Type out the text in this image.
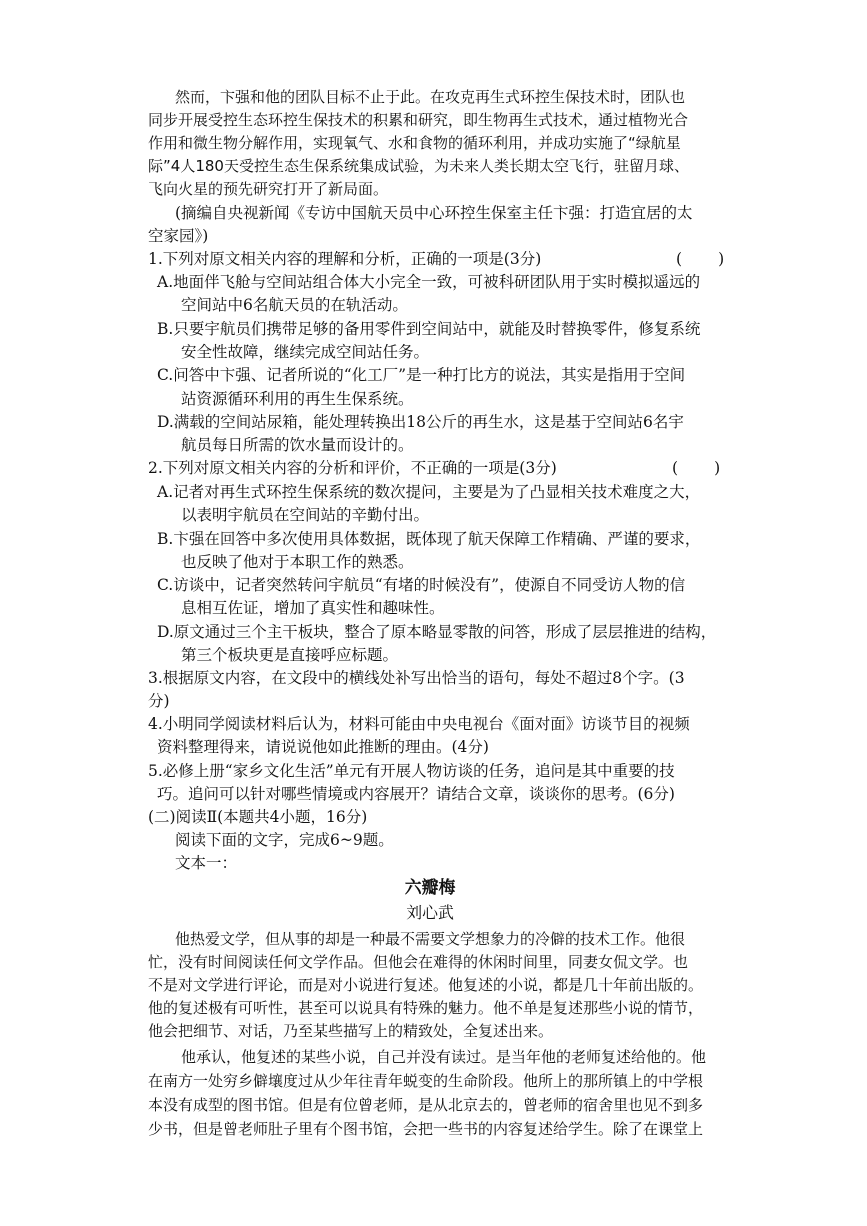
然而，卞强和他的团队目标不止于此。在攻克再生式环控生保技术时，团队也
同步开展受控生态环控生保技术的积累和研究，即生物再生式技术，通过植物光合
作用和微生物分解作用，实现氧气、水和食物的循环利用，并成功实施了“绿航星
际”4人180天受控生态生保系统集成试验，为未来人类长期太空飞行，驻留月球、
飞向火星的预先研究打开了新局面。
(摘编自央视新闻《专访中国航天员中心环控生保室主任卞强：打造宜居的太
空家园》)
1.下列对原文相关内容的理解和分析，正确的一项是(3分)	( )
A.地面伴飞舱与空间站组合体大小完全一致，可被科研团队用于实时模拟遥远的
空间站中6名航天员的在轨活动。
B.只要宇航员们携带足够的备用零件到空间站中，就能及时替换零件，修复系统
安全性故障，继续完成空间站任务。
C.问答中卞强、记者所说的“化工厂”是一种打比方的说法，其实是指用于空间
站资源循环利用的再生生保系统。
D.满载的空间站尿箱，能处理转换出18公斤的再生水，这是基于空间站6名宇
航员每日所需的饮水量而设计的。
2.下列对原文相关内容的分析和评价，不正确的一项是(3分)	( )
A.记者对再生式环控生保系统的数次提问，主要是为了凸显相关技术难度之大，
以表明宇航员在空间站的辛勤付出。
B.卞强在回答中多次使用具体数据，既体现了航天保障工作精确、严谨的要求，
也反映了他对于本职工作的熟悉。
C.访谈中，记者突然转问宇航员“有堵的时候没有”，使源自不同受访人物的信
息相互佐证，增加了真实性和趣味性。
D.原文通过三个主干板块，整合了原本略显零散的问答，形成了层层推进的结构，
第三个板块更是直接呼应标题。
3.根据原文内容，在文段中的横线处补写出恰当的语句，每处不超过8个字。(3
分)
4.小明同学阅读材料后认为，材料可能由中央电视台《面对面》访谈节目的视频
资料整理得来，请说说他如此推断的理由。(4分)
5.必修上册“家乡文化生活”单元有开展人物访谈的任务，追问是其中重要的技
巧。追问可以针对哪些情境或内容展开？请结合文章，谈谈你的思考。(6分)
(二)阅读Ⅱ(本题共4小题，16分)
阅读下面的文字，完成6~9题。
文本一：
六瓣梅
刘心武
他热爱文学，但从事的却是一种最不需要文学想象力的冷僻的技术工作。他很
忙，没有时间阅读任何文学作品。但他会在难得的休闲时间里，同妻女侃文学。也
不是对文学进行评论，而是对小说进行复述。他复述的小说，都是几十年前出版的。
他的复述极有可听性，甚至可以说具有特殊的魅力。他不单是复述那些小说的情节，
他会把细节、对话，乃至某些描写上的精致处，全复述出来。
他承认，他复述的某些小说，自己并没有读过。是当年他的老师复述给他的。他
在南方一处穷乡僻壤度过从少年往青年蜕变的生命阶段。他所上的那所镇上的中学根
本没有成型的图书馆。但是有位曾老师，是从北京去的，曾老师的宿舍里也见不到多
少书，但是曾老师肚子里有个图书馆，会把一些书的内容复述给学生。除了在课堂上
